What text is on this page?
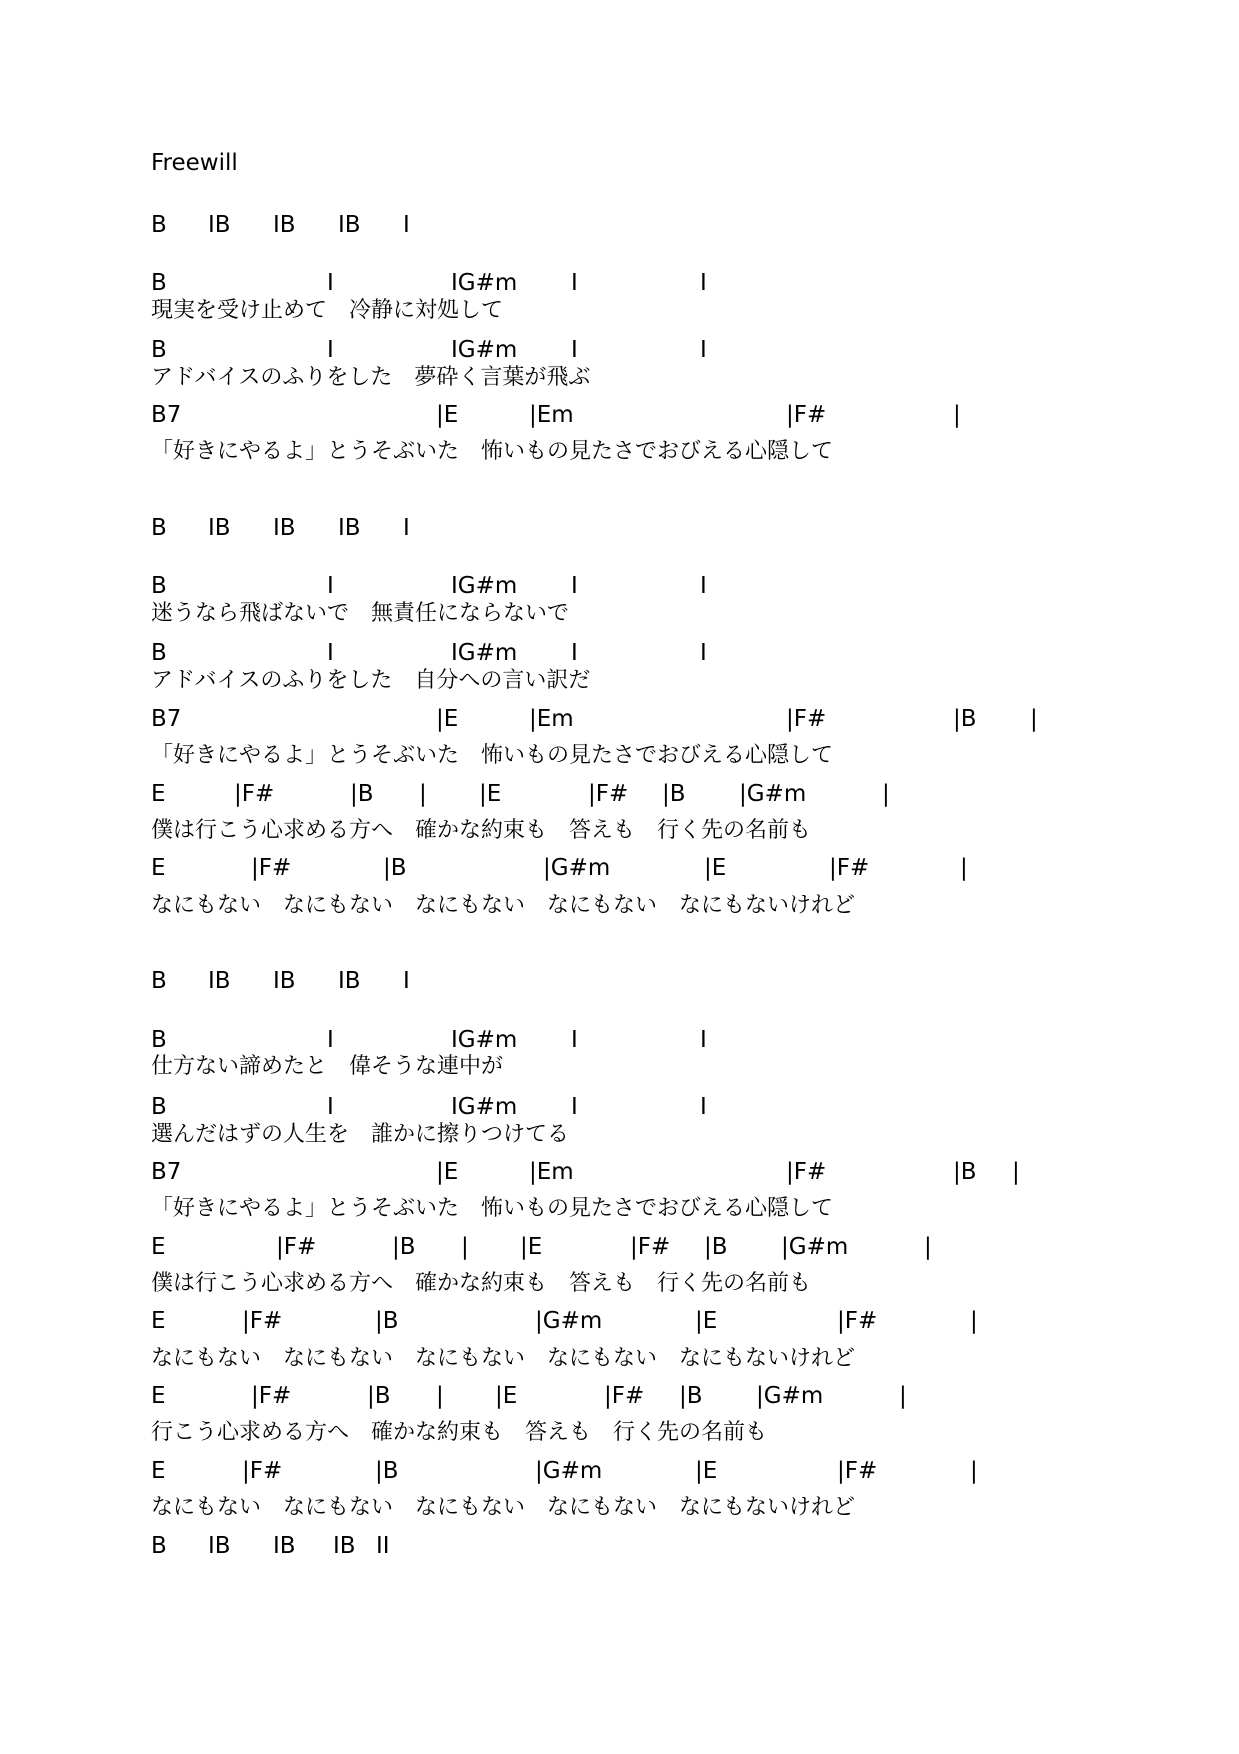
Freewill
B IB IB IB I
B	I	IG#m I	I
現実を受け止めて　冷静に対処して
B	I	IG#m I	I
アドバイスのふりをした　夢砕く言葉が飛ぶ
B7	|E	|Em	|F#	|
「好きにやるよ」とうそぶいた　怖いもの見たさでおびえる心隠して
B IB IB IB I
B	I	IG#m I	I
迷うなら飛ばないで　無責任にならないで
B	I	IG#m I	I
アドバイスのふりをした　自分への言い訳だ
B7	|E	|Em	|F#	|B |
「好きにやるよ」とうそぶいた　怖いもの見たさでおびえる心隠して
E	|F#	|B | |E	|F# |B |G#m	|
僕は行こう心求める方へ　確かな約束も　答えも　行く先の名前も
E	|F#	|B	|G#m	|E	|F#	|
なにもない　なにもない　なにもない　なにもない　なにもないけれど
B IB IB IB I
B	I	IG#m I	I
仕方ない諦めたと　偉そうな連中が
B	I	IG#m I	I
選んだはずの人生を　誰かに擦りつけてる
B7	|E	|Em	|F#	|B |
「好きにやるよ」とうそぶいた　怖いもの見たさでおびえる心隠して
E	|F#	|B | |E	|F# |B |G#m	|
僕は行こう心求める方へ　確かな約束も　答えも　行く先の名前も
E	|F#	|B	|G#m	|E	|F#	|
なにもない　なにもない　なにもない　なにもない　なにもないけれど
E	|F#	|B | |E	|F# |B |G#m	|
行こう心求める方へ　確かな約束も　答えも　行く先の名前も
E	|F#	|B	|G#m	|E	|F#	|
なにもない　なにもない　なにもない　なにもない　なにもないけれど
B IB IB IB II
